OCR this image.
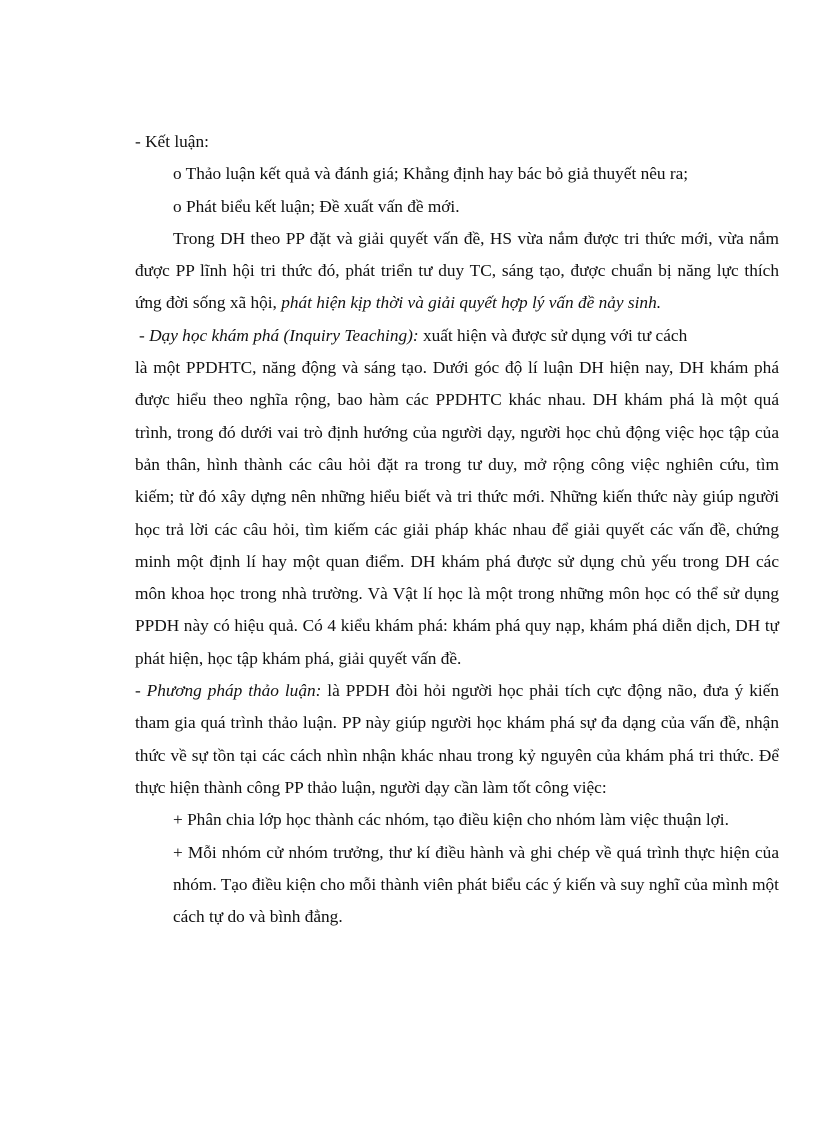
- Kết luận:

o Thảo luận kết quả và đánh giá; Khẳng định hay bác bỏ giả thuyết nêu ra;

o Phát biểu kết luận; Đề xuất vấn đề mới.

Trong DH theo PP đặt và giải quyết vấn đề, HS vừa nắm được tri thức mới, vừa nắm được PP lĩnh hội tri thức đó, phát triển tư duy TC, sáng tạo, được chuẩn bị năng lực thích ứng đời sống xã hội, phát hiện kịp thời và giải quyết hợp lý vấn đề nảy sinh.

- Dạy học khám phá (Inquiry Teaching): xuất hiện và được sử dụng với tư cách

là một PPDHTC, năng động và sáng tạo. Dưới góc độ lí luận DH hiện nay, DH khám phá được hiểu theo nghĩa rộng, bao hàm các PPDHTC khác nhau. DH khám phá là một quá trình, trong đó dưới vai trò định hướng của người dạy, người học chủ động việc học tập của bản thân, hình thành các câu hỏi đặt ra trong tư duy, mở rộng công việc nghiên cứu, tìm kiếm; từ đó xây dựng nên những hiểu biết và tri thức mới. Những kiến thức này giúp người học trả lời các câu hỏi, tìm kiếm các giải pháp khác nhau để giải quyết các vấn đề, chứng minh một định lí hay một quan điểm. DH khám phá được sử dụng chủ yếu trong DH các môn khoa học trong nhà trường. Và Vật lí học là một trong những môn học có thể sử dụng PPDH này có hiệu quả. Có 4 kiểu khám phá: khám phá quy nạp, khám phá diễn dịch, DH tự phát hiện, học tập khám phá, giải quyết vấn đề.

- Phương pháp thảo luận: là PPDH đòi hỏi người học phải tích cực động não, đưa ý kiến tham gia quá trình thảo luận. PP này giúp người học khám phá sự đa dạng của vấn đề, nhận thức về sự tồn tại các cách nhìn nhận khác nhau trong kỷ nguyên của khám phá tri thức. Để thực hiện thành công PP thảo luận, người dạy cần làm tốt công việc:

+ Phân chia lớp học thành các nhóm, tạo điều kiện cho nhóm làm việc thuận lợi.

+ Mỗi nhóm cử nhóm trưởng, thư kí điều hành và ghi chép về quá trình thực hiện của nhóm. Tạo điều kiện cho mỗi thành viên phát biểu các ý kiến và suy nghĩ của mình một cách tự do và bình đẳng.
